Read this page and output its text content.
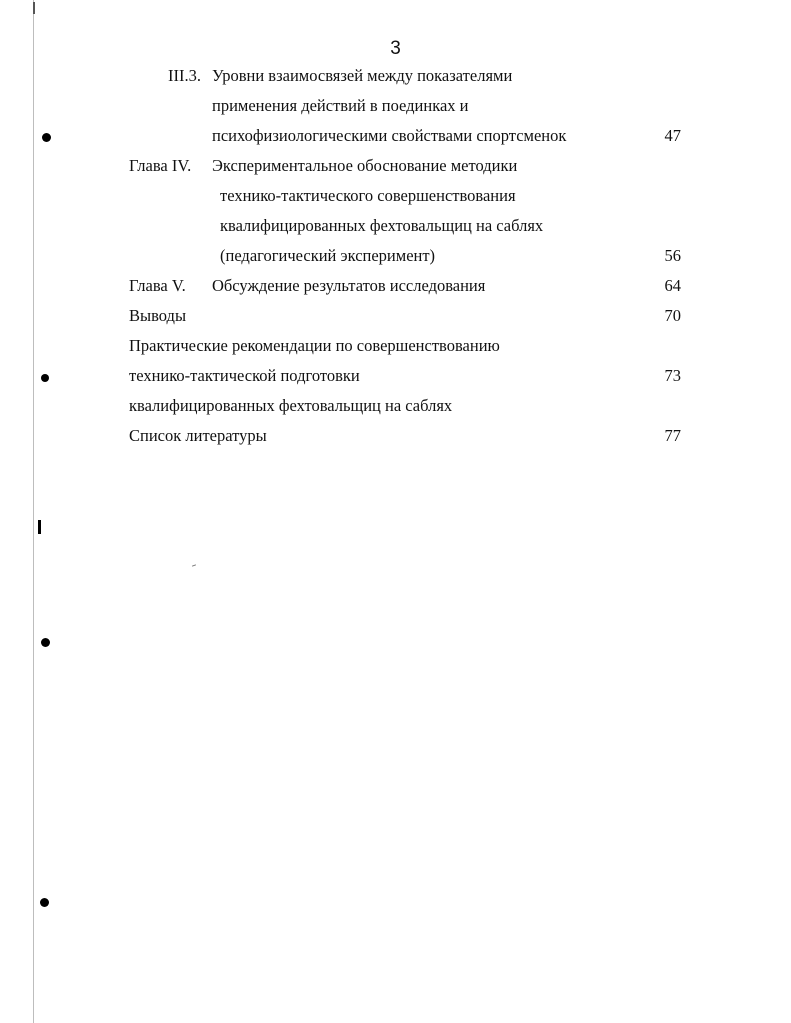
3
III.3. Уровни взаимосвязей между показателями
применения действий в поединках и
психофизиологическими свойствами спортсменок	47
Глава IV. Экспериментальное обоснование методики
технико-тактического совершенствования
квалифицированных фехтовальщиц на саблях
(педагогический эксперимент)	56
Глава V. Обсуждение результатов исследования	64
Выводы	70
Практические рекомендации по совершенствованию
технико-тактической подготовки	73
квалифицированных фехтовальщиц на саблях
Список литературы	77
